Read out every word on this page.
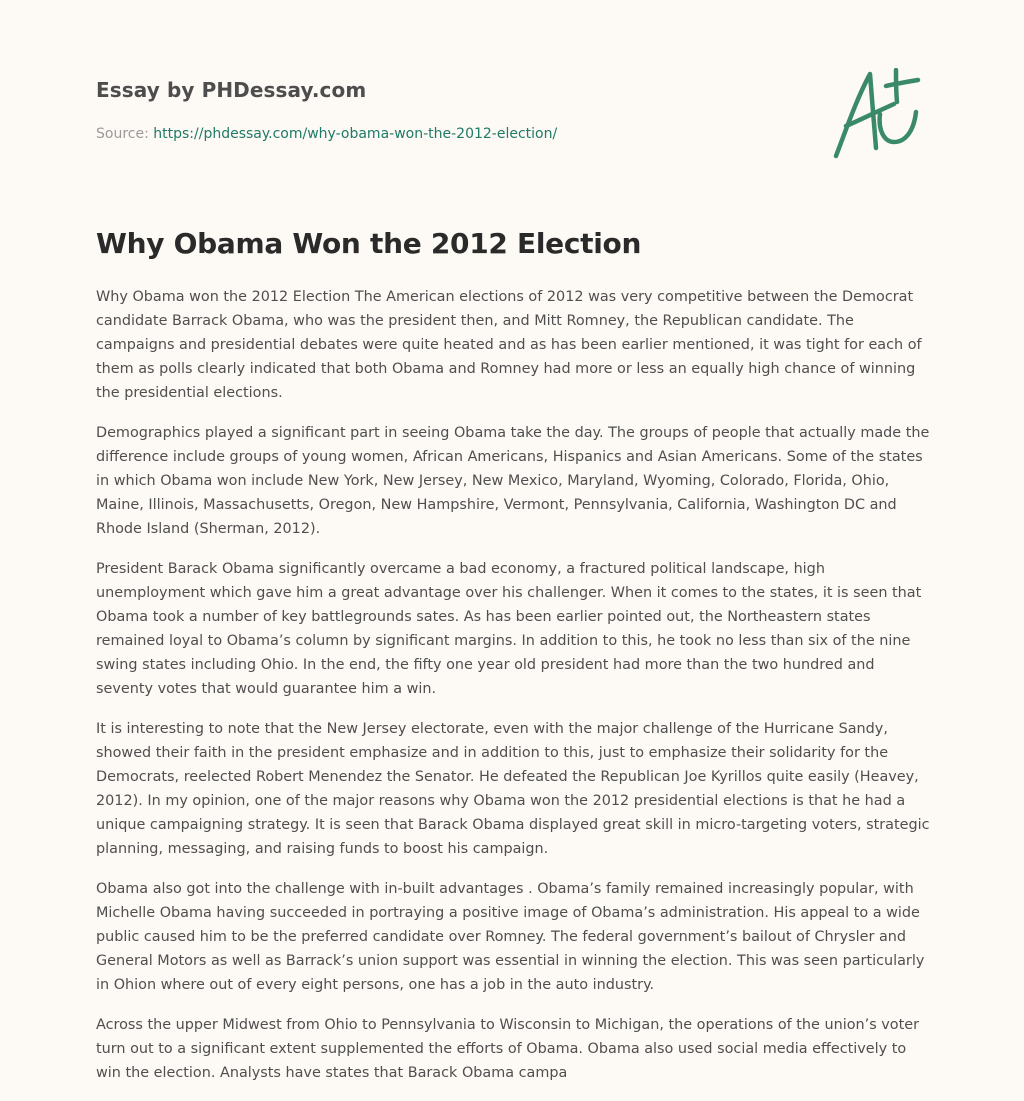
Essay by PHDessay.com

Source: https://phdessay.com/why-obama-won-the-2012-election/
Why Obama Won the 2012 Election

Why Obama won the 2012 Election The American elections of 2012 was very competitive between the Democrat candidate Barrack Obama, who was the president then, and Mitt Romney, the Republican candidate. The campaigns and presidential debates were quite heated and as has been earlier mentioned, it was tight for each of them as polls clearly indicated that both Obama and Romney had more or less an equally high chance of winning the presidential elections.

Demographics played a significant part in seeing Obama take the day. The groups of people that actually made the difference include groups of young women, African Americans, Hispanics and Asian Americans. Some of the states in which Obama won include New York, New Jersey, New Mexico, Maryland, Wyoming, Colorado, Florida, Ohio, Maine, Illinois, Massachusetts, Oregon, New Hampshire, Vermont, Pennsylvania, California, Washington DC and Rhode Island (Sherman, 2012).

President Barack Obama significantly overcame a bad economy, a fractured political landscape, high unemployment which gave him a great advantage over his challenger. When it comes to the states, it is seen that Obama took a number of key battlegrounds sates. As has been earlier pointed out, the Northeastern states remained loyal to Obama’s column by significant margins. In addition to this, he took no less than six of the nine swing states including Ohio. In the end, the fifty one year old president had more than the two hundred and seventy votes that would guarantee him a win.

It is interesting to note that the New Jersey electorate, even with the major challenge of the Hurricane Sandy, showed their faith in the president emphasize and in addition to this, just to emphasize their solidarity for the Democrats, reelected Robert Menendez the Senator. He defeated the Republican Joe Kyrillos quite easily (Heavey, 2012). In my opinion, one of the major reasons why Obama won the 2012 presidential elections is that he had a unique campaigning strategy. It is seen that Barack Obama displayed great skill in micro-targeting voters, strategic planning, messaging, and raising funds to boost his campaign.

Obama also got into the challenge with in-built advantages . Obama’s family remained increasingly popular, with Michelle Obama having succeeded in portraying a positive image of Obama’s administration. His appeal to a wide public caused him to be the preferred candidate over Romney. The federal government’s bailout of Chrysler and General Motors as well as Barrack’s union support was essential in winning the election. This was seen particularly in Ohion where out of every eight persons, one has a job in the auto industry.

Across the upper Midwest from Ohio to Pennsylvania to Wisconsin to Michigan, the operations of the union’s voter turn out to a significant extent supplemented the efforts of Obama. Obama also used social media effectively to win the election. Analysts have states that Barack Obama campa
